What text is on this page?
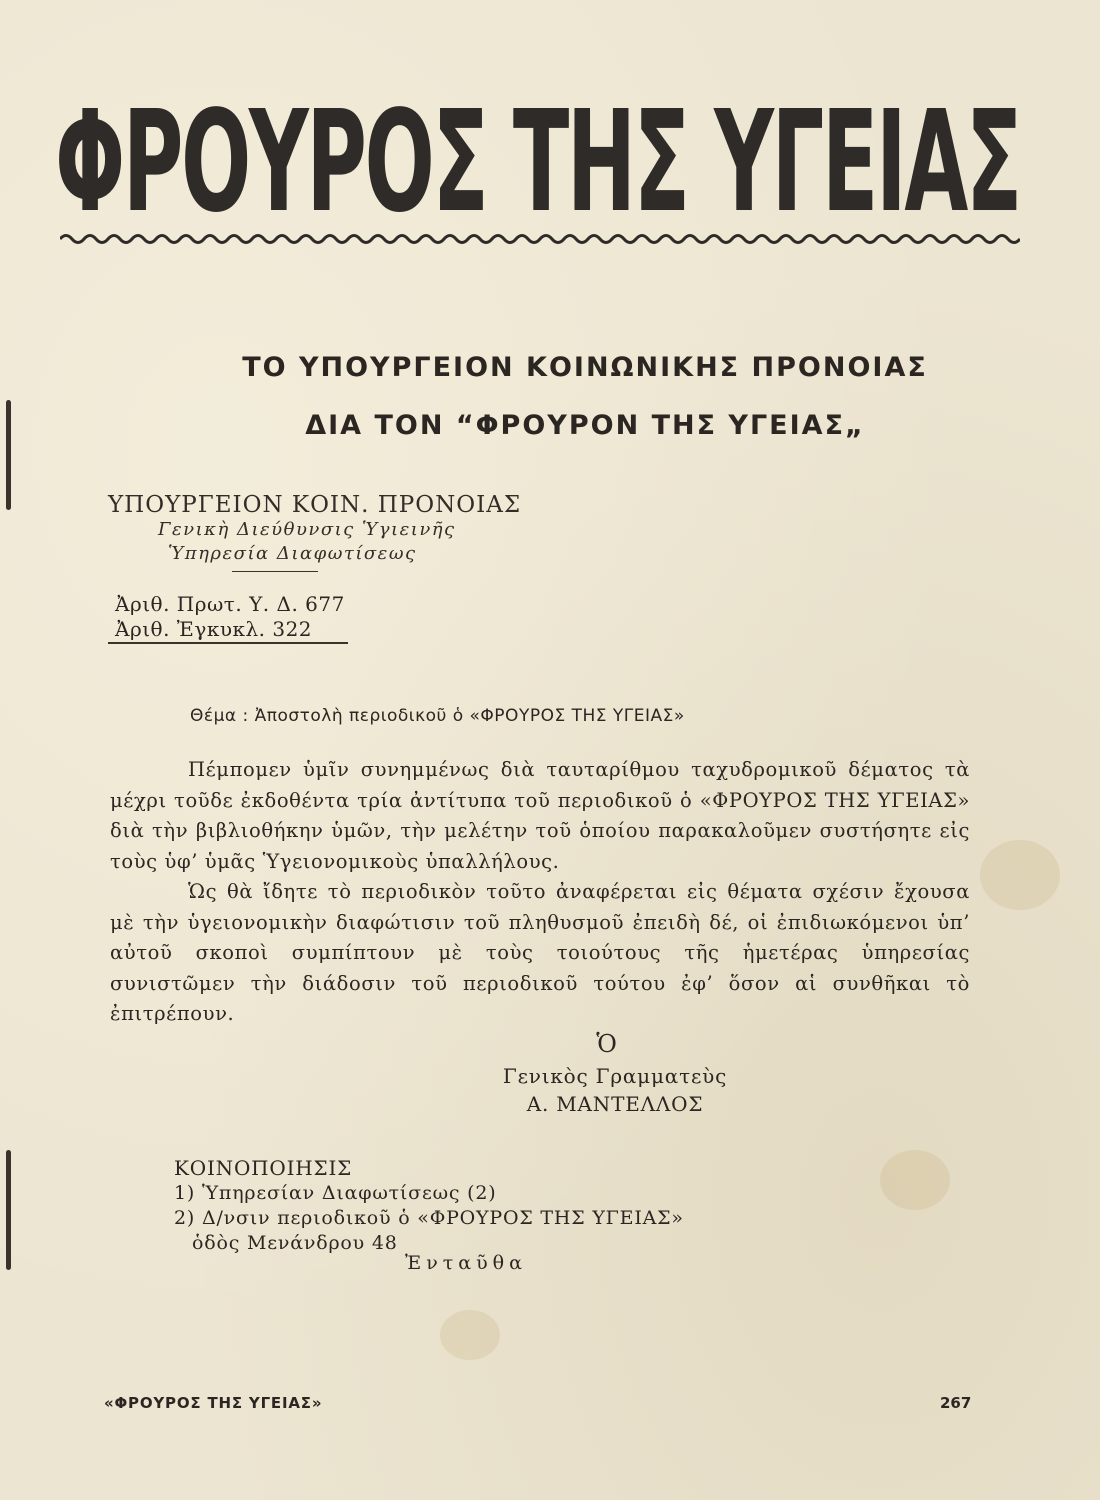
ΦΡΟΥΡΟΣ ΤΗΣ ΥΓΕΙΑΣ
ΤΟ ΥΠΟΥΡΓΕΙΟΝ ΚΟΙΝΩΝΙΚΗΣ ΠΡΟΝΟΙΑΣ
ΔΙΑ ΤΟΝ “ΦΡΟΥΡΟΝ ΤΗΣ ΥΓΕΙΑΣ„
ΥΠΟΥΡΓΕΙΟΝ ΚΟΙΝ. ΠΡΟΝΟΙΑΣ
Γενικὴ Διεύθυνσις Ὑγιεινῆς
Ὑπηρεσία Διαφωτίσεως
Ἀριθ. Πρωτ. Υ. Δ. 677
Ἀριθ. Ἐγκυκλ. 322
Θέμα : Ἀποστολὴ περιοδικοῦ ὁ «ΦΡΟΥΡΟΣ ΤΗΣ ΥΓΕΙΑΣ»

Πέμπομεν ὑμῖν συνημμένως διὰ ταυταρίθμου ταχυδρομικοῦ δέματος τὰ μέχρι τοῦδε ἐκδοθέντα τρία ἀντίτυπα τοῦ περιοδικοῦ ὁ «ΦΡΟΥΡΟΣ ΤΗΣ ΥΓΕΙΑΣ» διὰ τὴν βιβλιοθήκην ὑμῶν, τὴν μελέτην τοῦ ὁποίου παρακαλοῦμεν συστήσητε εἰς τοὺς ὑφ’ ὑμᾶς Ὑγειονομικοὺς ὑπαλλήλους.

Ὡς θὰ ἴδητε τὸ περιοδικὸν τοῦτο ἀναφέρεται εἰς θέματα σχέσιν ἔχουσα μὲ τὴν ὑγειονομικὴν διαφώτισιν τοῦ πληθυσμοῦ ἐπειδὴ δέ, οἱ ἐπιδιωκόμενοι ὑπ’ αὐτοῦ σκοποὶ συμπίπτουν μὲ τοὺς τοιούτους τῆς ἡμετέρας ὑπηρεσίας συνιστῶμεν τὴν διάδοσιν τοῦ περιοδικοῦ τούτου ἐφ’ ὅσον αἱ συνθῆκαι τὸ ἐπιτρέπουν.

Ὁ
Γενικὸς Γραμματεὺς
Α. ΜΑΝΤΕΛΛΟΣ
ΚΟΙΝΟΠΟΙΗΣΙΣ
1) Ὑπηρεσίαν Διαφωτίσεως (2)
2) Δ/νσιν περιοδικοῦ ὁ «ΦΡΟΥΡΟΣ ΤΗΣ ΥΓΕΙΑΣ»
ὁδὸς Μενάνδρου 48
Ἐνταῦθα
«ΦΡΟΥΡΟΣ ΤΗΣ ΥΓΕΙΑΣ»	267
